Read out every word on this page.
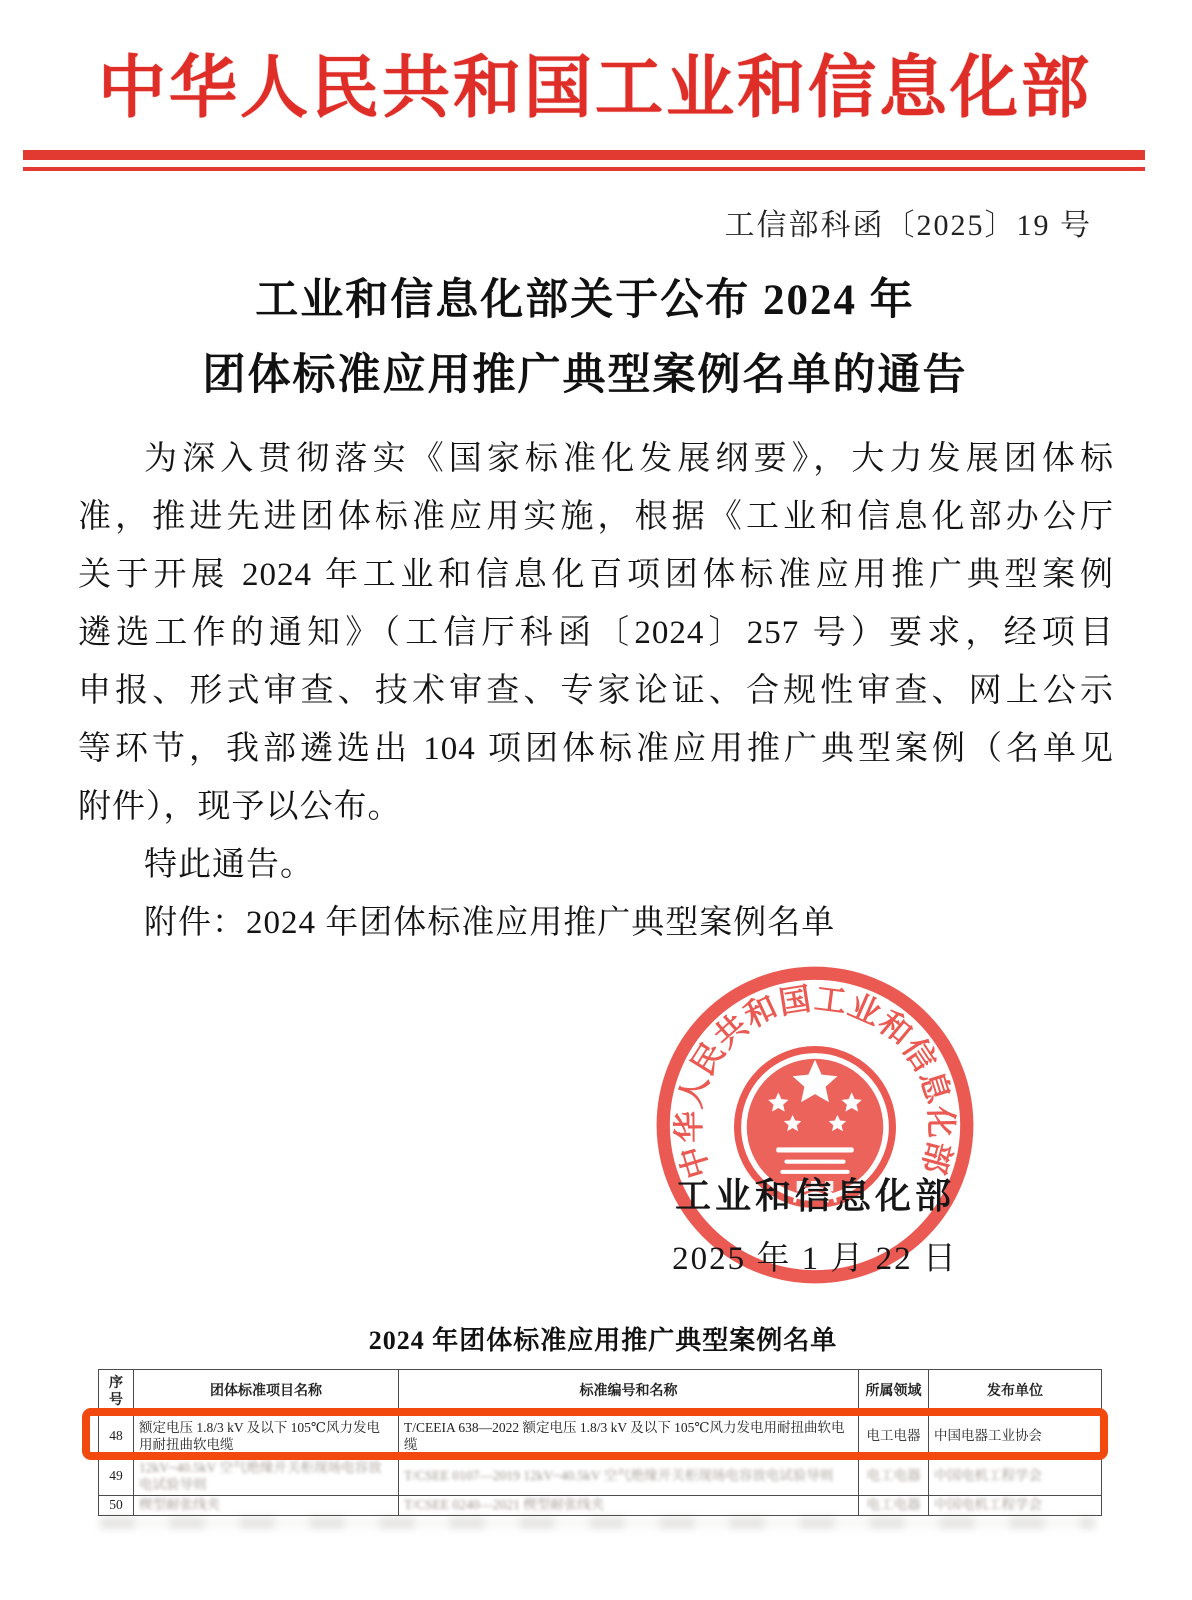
中华人民共和国工业和信息化部
工信部科函〔2025〕19 号
工业和信息化部关于公布 2024 年
团体标准应用推广典型案例名单的通告
为深入贯彻落实《国家标准化发展纲要》，大力发展团体标
准，推进先进团体标准应用实施，根据《工业和信息化部办公厅
关于开展 2024 年工业和信息化百项团体标准应用推广典型案例
遴选工作的通知》（工信厅科函〔2024〕257 号）要求，经项目
申报、形式审查、技术审查、专家论证、合规性审查、网上公示
等环节，我部遴选出 104 项团体标准应用推广典型案例（名单见
附件），现予以公布。
特此通告。
附件：2024 年团体标准应用推广典型案例名单
中华人民共和国工业和信息化部
工业和信息化部
2025 年 1 月 22 日
2024 年团体标准应用推广典型案例名单
序号	团体标准项目名称	标准编号和名称	所属领域	发布单位
48	额定电压 1.8/3 kV 及以下 105℃风力发电用耐扭曲软电缆	T/CEEIA 638—2022 额定电压 1.8/3 kV 及以下 105℃风力发电用耐扭曲软电缆	电工电器	中国电器工业协会
49	12kV~40.5kV 空气绝缘开关柜现场电容放电试验导则	T/CSEE 0107—2019 12kV~40.5kV 空气绝缘开关柜现场电容放电试验导则	电工电器	中国电机工程学会
50	楔型耐张线夹	T/CSEE 0240—2021 楔型耐张线夹	电工电器	中国电机工程学会
